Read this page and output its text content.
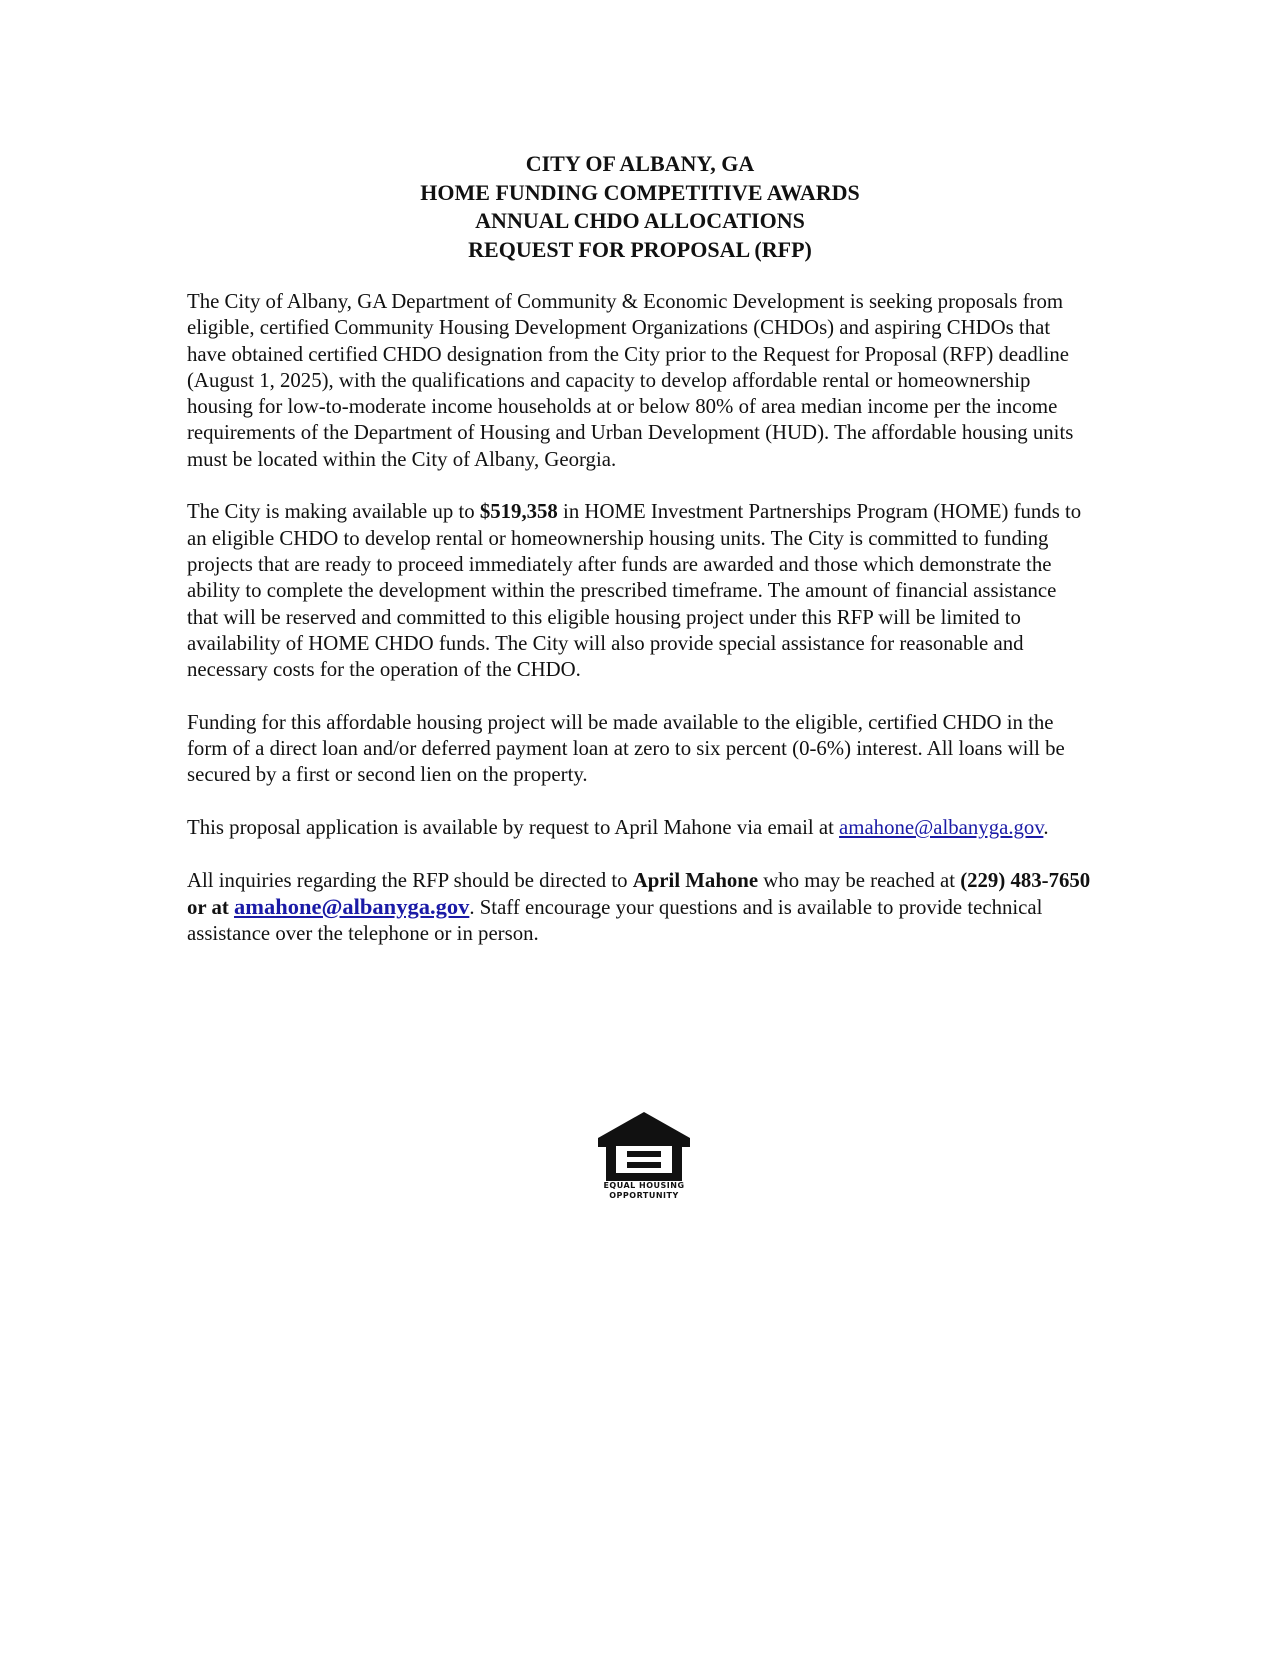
CITY OF ALBANY, GA
HOME FUNDING COMPETITIVE AWARDS
ANNUAL CHDO ALLOCATIONS
REQUEST FOR PROPOSAL (RFP)

The City of Albany, GA Department of Community & Economic Development is seeking proposals from eligible, certified Community Housing Development Organizations (CHDOs) and aspiring CHDOs that have obtained certified CHDO designation from the City prior to the Request for Proposal (RFP) deadline (August 1, 2025), with the qualifications and capacity to develop affordable rental or homeownership housing for low-to-moderate income households at or below 80% of area median income per the income requirements of the Department of Housing and Urban Development (HUD). The affordable housing units must be located within the City of Albany, Georgia.

The City is making available up to $519,358 in HOME Investment Partnerships Program (HOME) funds to an eligible CHDO to develop rental or homeownership housing units. The City is committed to funding projects that are ready to proceed immediately after funds are awarded and those which demonstrate the ability to complete the development within the prescribed timeframe. The amount of financial assistance that will be reserved and committed to this eligible housing project under this RFP will be limited to availability of HOME CHDO funds. The City will also provide special assistance for reasonable and necessary costs for the operation of the CHDO.

Funding for this affordable housing project will be made available to the eligible, certified CHDO in the form of a direct loan and/or deferred payment loan at zero to six percent (0-6%) interest. All loans will be secured by a first or second lien on the property.

This proposal application is available by request to April Mahone via email at amahone@albanyga.gov.

All inquiries regarding the RFP should be directed to April Mahone who may be reached at (229) 483-7650 or at amahone@albanyga.gov. Staff encourage your questions and is available to provide technical assistance over the telephone or in person.

EQUAL HOUSING
OPPORTUNITY
